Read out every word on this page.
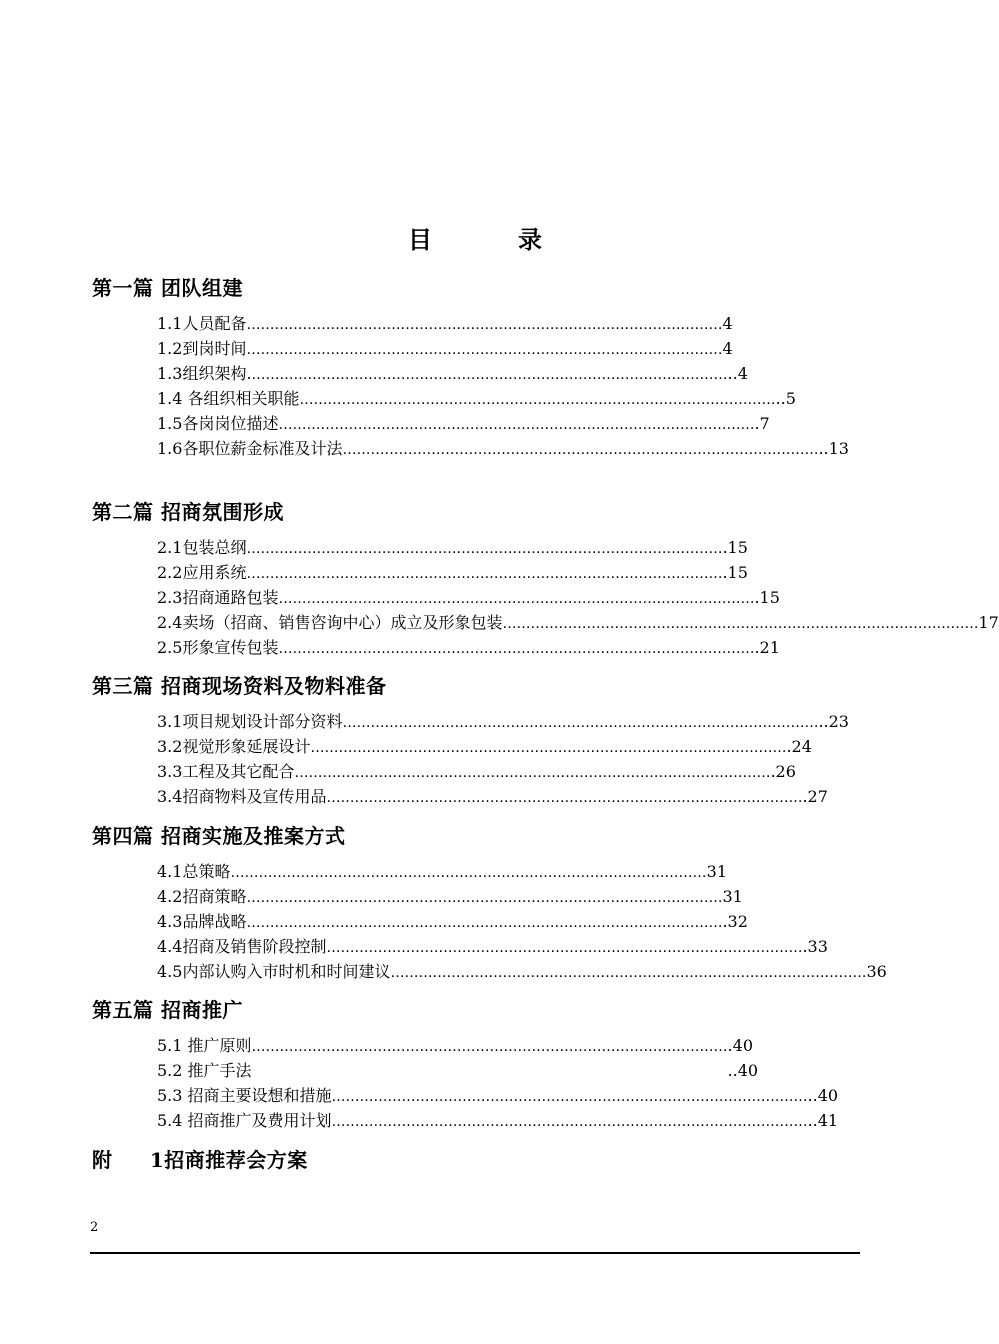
目	录
第一篇 团队组建
1.1人员配备 ………………………………………………………………………………………… 4
1.2到岗时间 ………………………………………………………………………………………… 4
1.3组织架构. ………………………………………………………………………………………… ..4
1.4 各组织相关职能 ………………………………………………………………………………………… ..5
1.5各岗岗位描述 ………………………………………………………………………………………… .7
1.6各职位薪金标准及计法 ………………………………………………………………………………………… ..13
第二篇 招商氛围形成
2.1包装总纲 ………………………………………………………………………………………… .15
2.2应用系统 ………………………………………………………………………………………… .15
2.3招商通路包装 ………………………………………………………………………………………… .15
2.4卖场（招商、销售咨询中心）成立及形象包装 ………………………………………………………………………………………… 17
2.5形象宣传包装 ………………………………………………………………………………………… .21
第三篇 招商现场资料及物料准备
3.1项目规划设计部分资料 ………………………………………………………………………………………… ..23
3.2视觉形象延展设计 ………………………………………………………………………………………… .24
3.3工程及其它配合 ………………………………………………………………………………………… .26
3.4招商物料及宣传用品 ………………………………………………………………………………………… .27
第四篇 招商实施及推案方式
4.1总策略 ………………………………………………………………………………………… 31
4.2招商策略 ………………………………………………………………………………………… 31
4.3品牌战略 ………………………………………………………………………………………… .32
4.4招商及销售阶段控制 ………………………………………………………………………………………… .33
4.5内部认购入市时机和时间建议 ………………………………………………………………………………………… 36
第五篇 招商推广
5.1 推广原则 ………………………………………………………………………………………… .40
5.2 推广手法	..40
5.3 招商主要设想和措施 ………………………………………………………………………………………… ..40
5.4 招商推广及费用计划 ………………………………………………………………………………………… ..41
附     1招商推荐会方案
2
